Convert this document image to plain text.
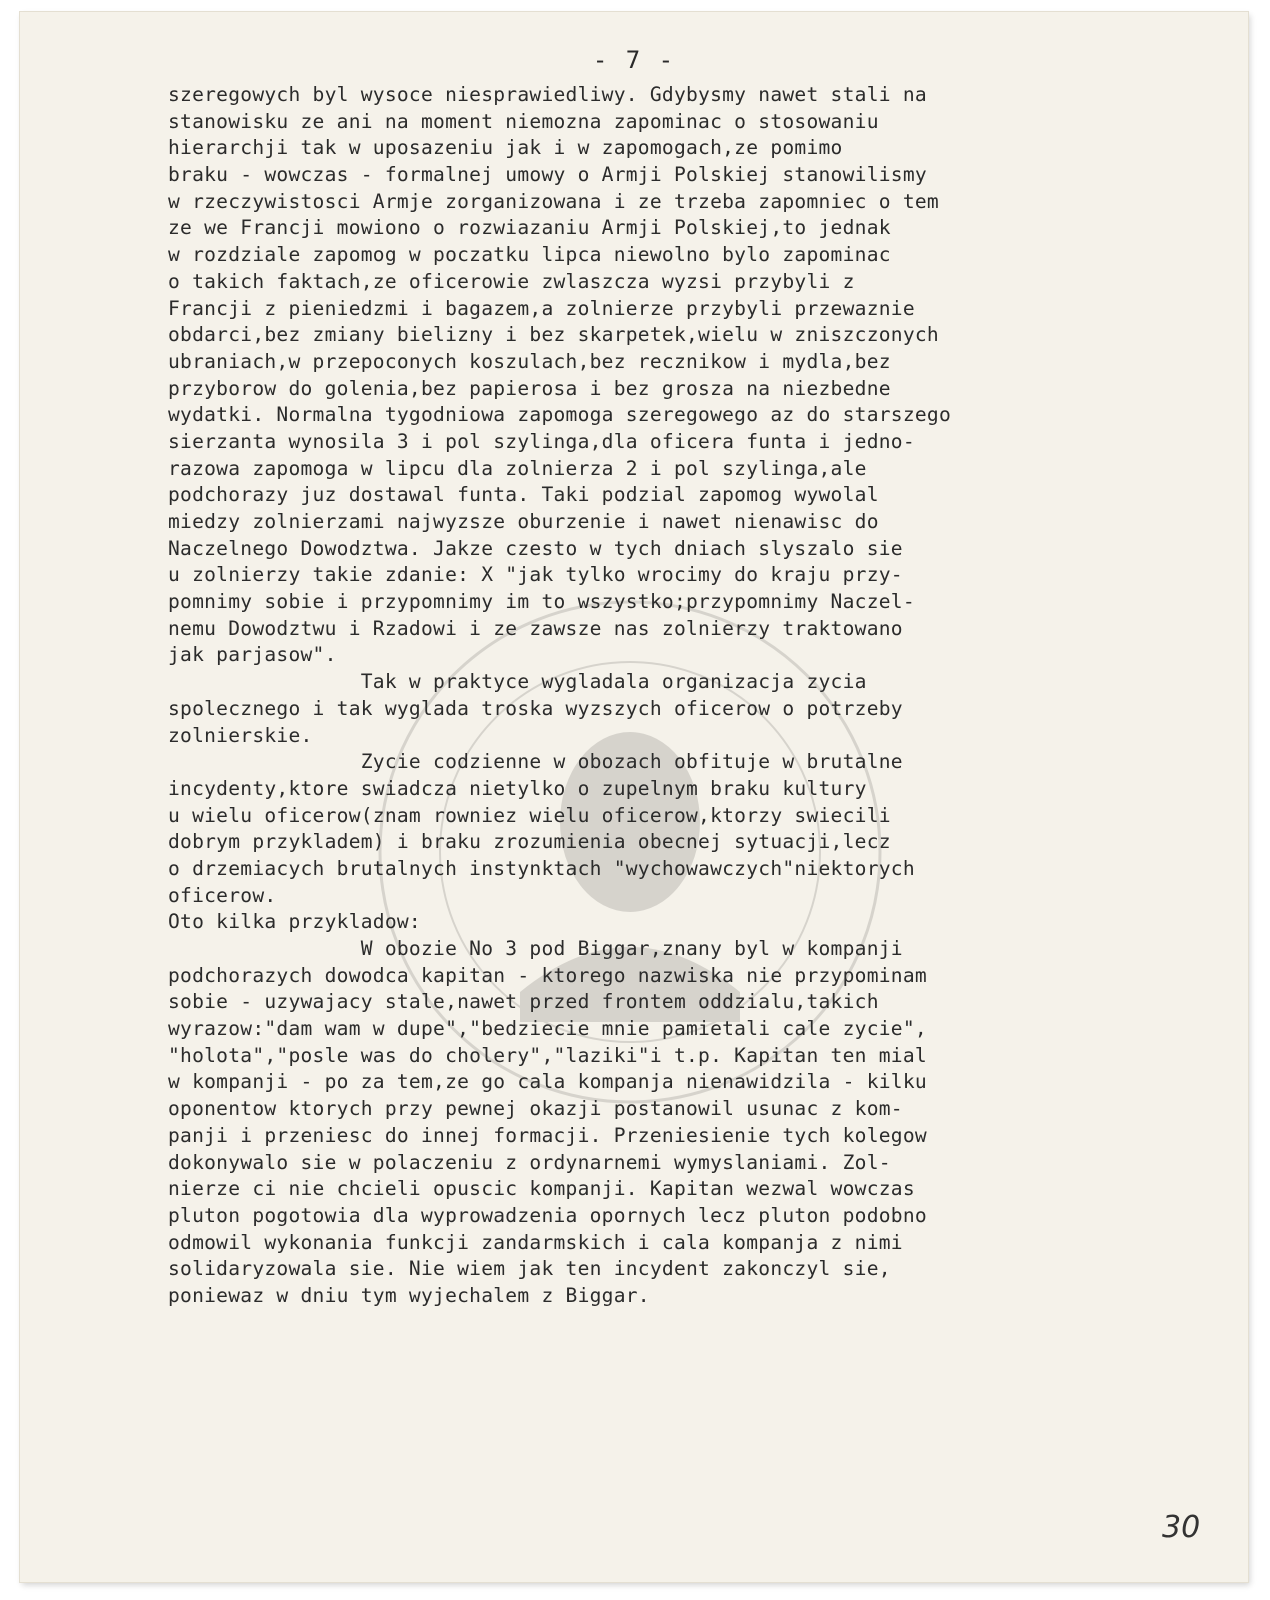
- 7 -
szeregowych byl wysoce niesprawiedliwy. Gdybysmy nawet stali na
stanowisku ze ani na moment niemozna zapominac o stosowaniu
hierarchji tak w uposazeniu jak i w zapomogach,ze pomimo
braku - wowczas - formalnej umowy o Armji Polskiej stanowilismy
w rzeczywistosci Armje zorganizowana i ze trzeba zapomniec o tem
ze we Francji mowiono o rozwiazaniu Armji Polskiej,to jednak
w rozdziale zapomog w poczatku lipca niewolno bylo zapominac
o takich faktach,ze oficerowie zwlaszcza wyzsi przybyli z
Francji z pieniedzmi i bagazem,a zolnierze przybyli przewaznie
obdarci,bez zmiany bielizny i bez skarpetek,wielu w zniszczonych
ubraniach,w przepoconych koszulach,bez recznikow i mydla,bez
przyborow do golenia,bez papierosa i bez grosza na niezbedne
wydatki. Normalna tygodniowa zapomoga szeregowego az do starszego
sierzanta wynosila 3 i pol szylinga,dla oficera funta i jedno-
razowa zapomoga w lipcu dla zolnierza 2 i pol szylinga,ale
podchorazy juz dostawal funta. Taki podzial zapomog wywolal
miedzy zolnierzami najwyzsze oburzenie i nawet nienawisc do
Naczelnego Dowodztwa. Jakze czesto w tych dniach slyszalo sie
u zolnierzy takie zdanie: X "jak tylko wrocimy do kraju przy-
pomnimy sobie i przypomnimy im to wszystko;przypomnimy Naczel-
nemu Dowodztwu i Rzadowi i ze zawsze nas zolnierzy traktowano
jak parjasow".
Tak w praktyce wygladala organizacja zycia
spolecznego i tak wyglada troska wyzszych oficerow o potrzeby
zolnierskie.
Zycie codzienne w obozach obfituje w brutalne
incydenty,ktore swiadcza nietylko o zupelnym braku kultury
u wielu oficerow(znam rowniez wielu oficerow,ktorzy swiecili
dobrym przykladem) i braku zrozumienia obecnej sytuacji,lecz
o drzemiacych brutalnych instynktach "wychowawczych"niektorych
oficerow.
Oto kilka przykladow:
W obozie No 3 pod Biggar,znany byl w kompanji
podchorazych dowodca kapitan - ktorego nazwiska nie przypominam
sobie - uzywajacy stale,nawet przed frontem oddzialu,takich
wyrazow:"dam wam w dupe","bedziecie mnie pamietali cale zycie",
"holota","posle was do cholery","laziki"i t.p. Kapitan ten mial
w kompanji - po za tem,ze go cala kompanja nienawidzila - kilku
oponentow ktorych przy pewnej okazji postanowil usunac z kom-
panji i przeniesc do innej formacji. Przeniesienie tych kolegow
dokonywalo sie w polaczeniu z ordynarnemi wymyslaniami. Zol-
nierze ci nie chcieli opuscic kompanji. Kapitan wezwal wowczas
pluton pogotowia dla wyprowadzenia opornych lecz pluton podobno
odmowil wykonania funkcji zandarmskich i cala kompanja z nimi
solidaryzowala sie. Nie wiem jak ten incydent zakonczyl sie,
poniewaz w dniu tym wyjechalem z Biggar.
30
